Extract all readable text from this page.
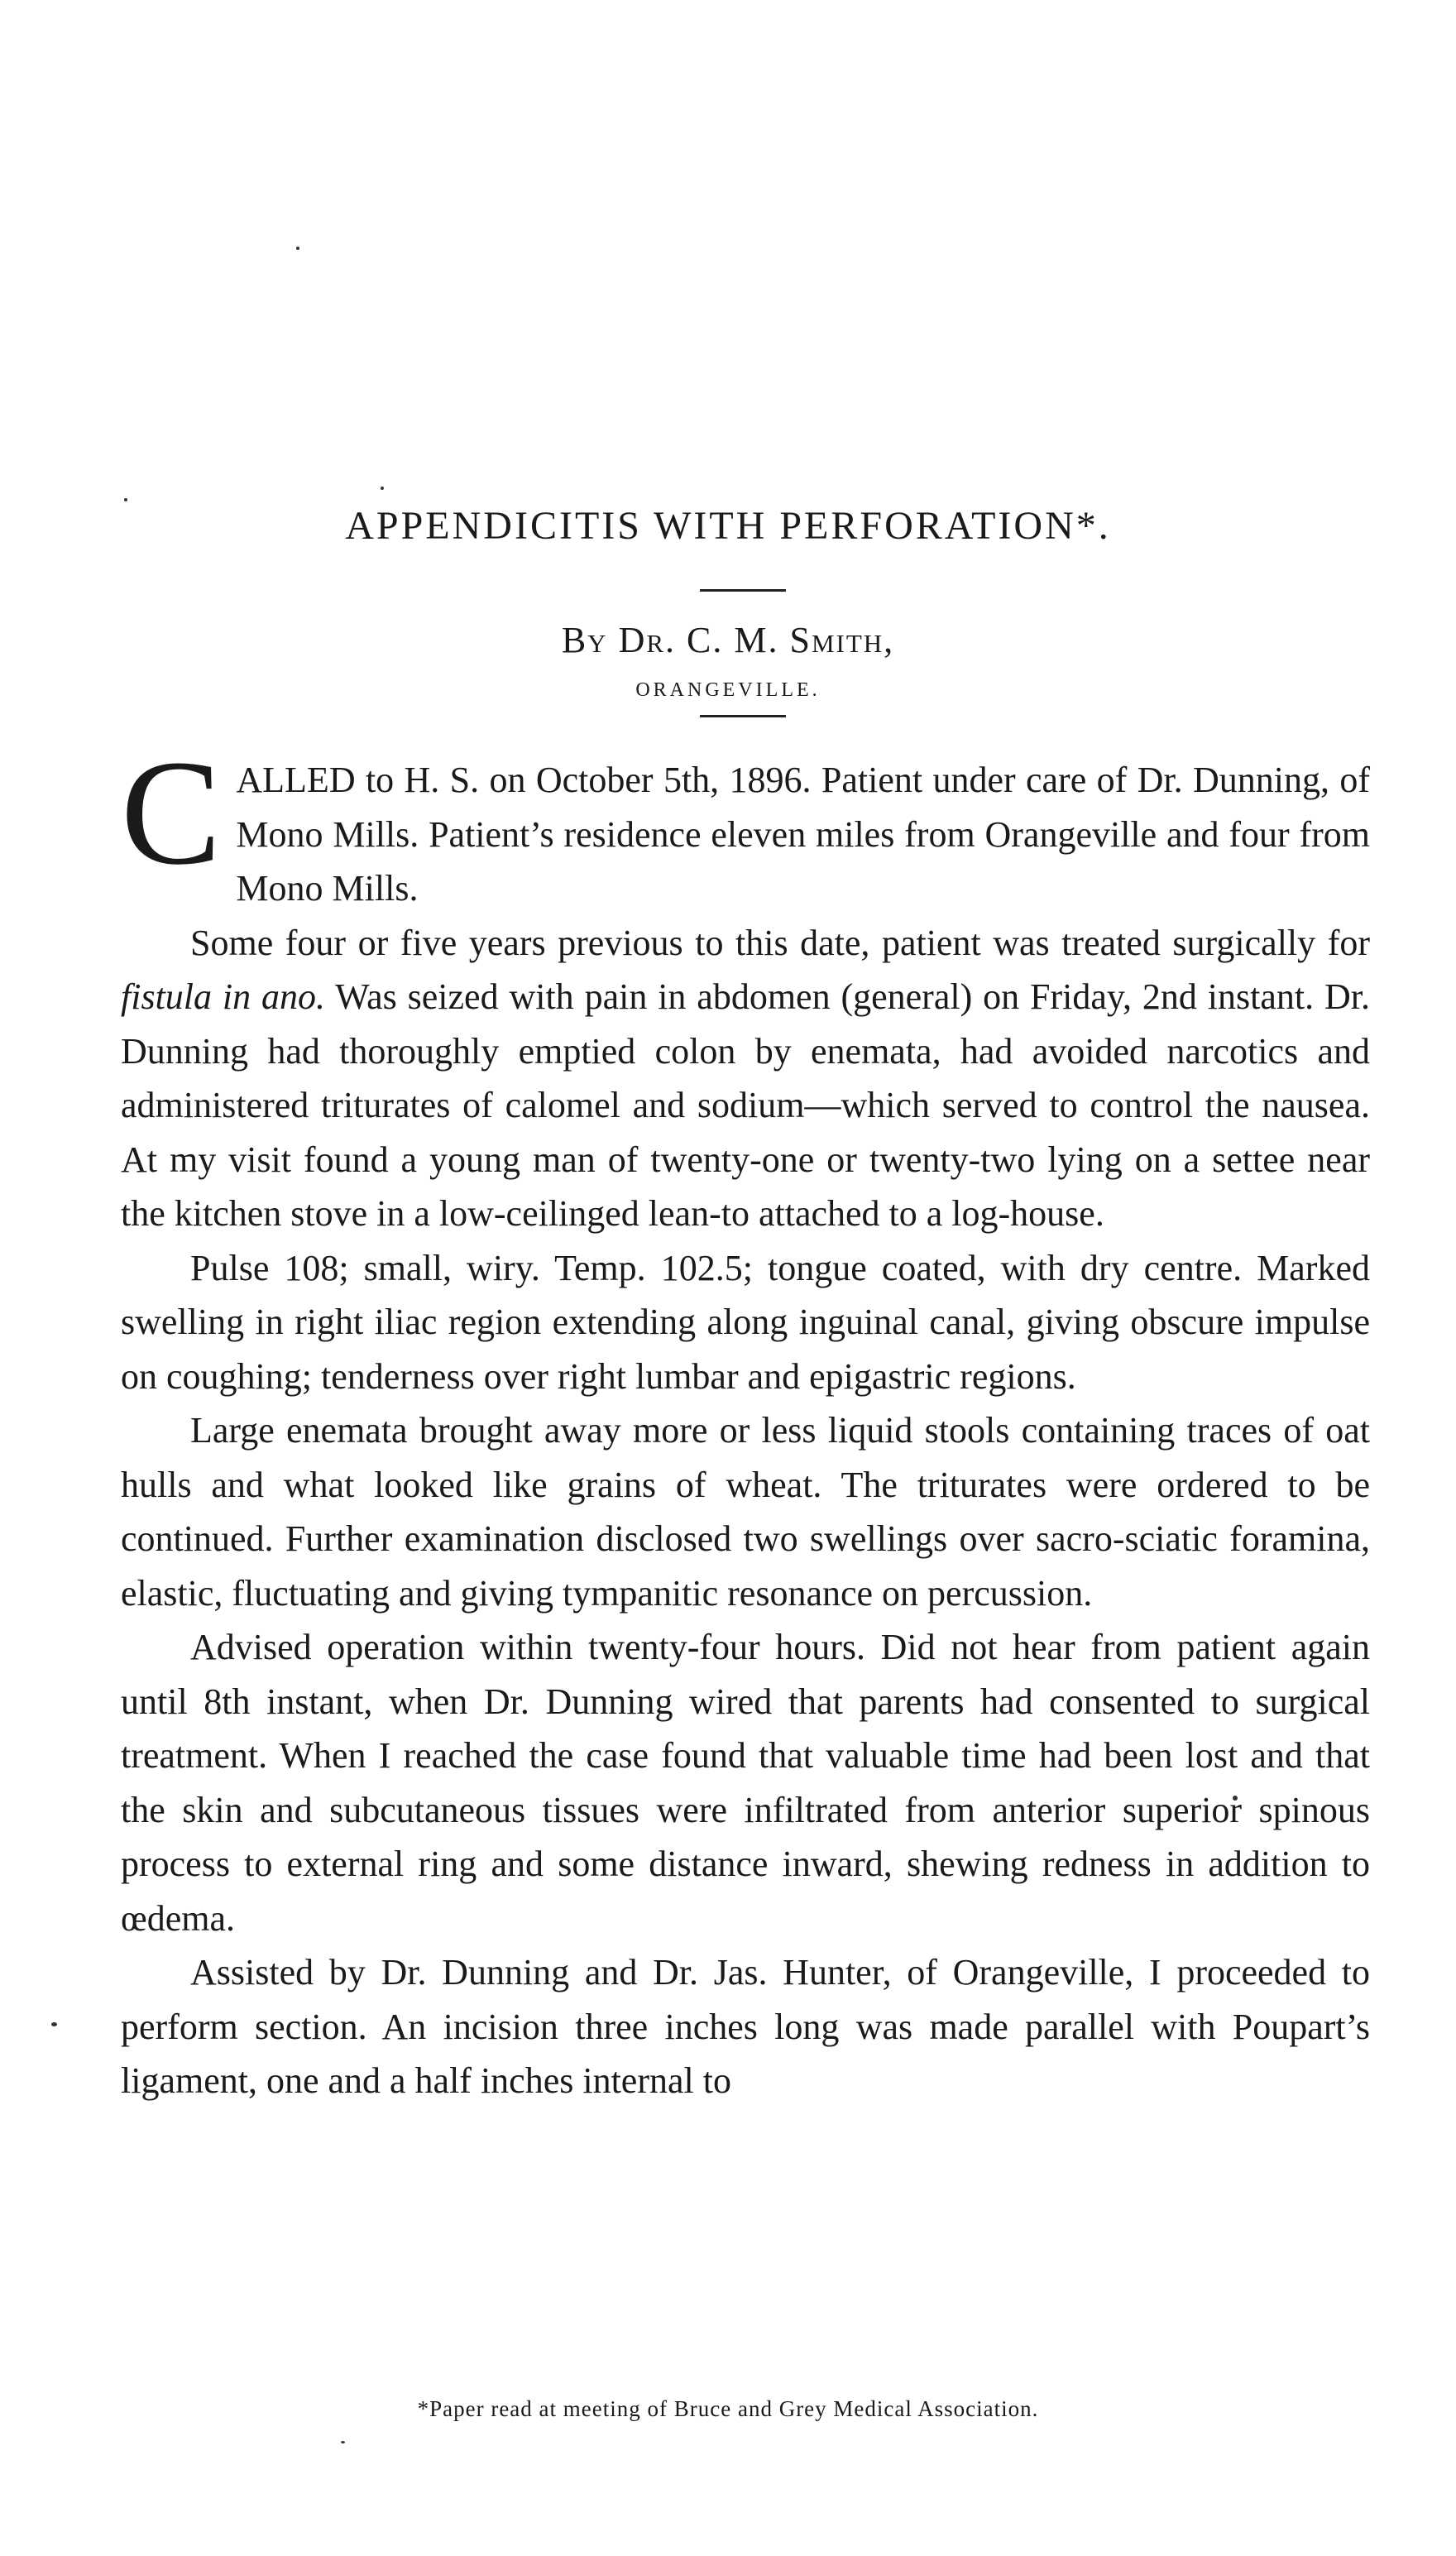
APPENDICITIS WITH PERFORATION*.
By Dr. C. M. Smith,
ORANGEVILLE.

CALLED to H. S. on October 5th, 1896. Patient under care of Dr. Dunning, of Mono Mills. Patient’s residence eleven miles from Orangeville and four from Mono Mills.

Some four or five years previous to this date, patient was treated surgically for fistula in ano. Was seized with pain in abdomen (general) on Friday, 2nd instant. Dr. Dunning had thoroughly emptied colon by enemata, had avoided narcotics and administered triturates of calomel and sodium—which served to control the nausea. At my visit found a young man of twenty-one or twenty-two lying on a settee near the kitchen stove in a low-ceilinged lean-to attached to a log-house.

Pulse 108; small, wiry. Temp. 102.5; tongue coated, with dry centre. Marked swelling in right iliac region extending along inguinal canal, giving obscure impulse on coughing; tenderness over right lumbar and epigastric regions.

Large enemata brought away more or less liquid stools containing traces of oat hulls and what looked like grains of wheat. The triturates were ordered to be continued. Further examination disclosed two swellings over sacro-sciatic foramina, elastic, fluctuating and giving tympanitic resonance on percussion.

Advised operation within twenty-four hours. Did not hear from patient again until 8th instant, when Dr. Dunning wired that parents had consented to surgical treatment. When I reached the case found that valuable time had been lost and that the skin and subcutaneous tissues were infiltrated from anterior superior spinous process to external ring and some distance inward, shewing redness in addition to œdema.

Assisted by Dr. Dunning and Dr. Jas. Hunter, of Orangeville, I proceeded to perform section. An incision three inches long was made parallel with Poupart’s ligament, one and a half inches internal to

*Paper read at meeting of Bruce and Grey Medical Association.
